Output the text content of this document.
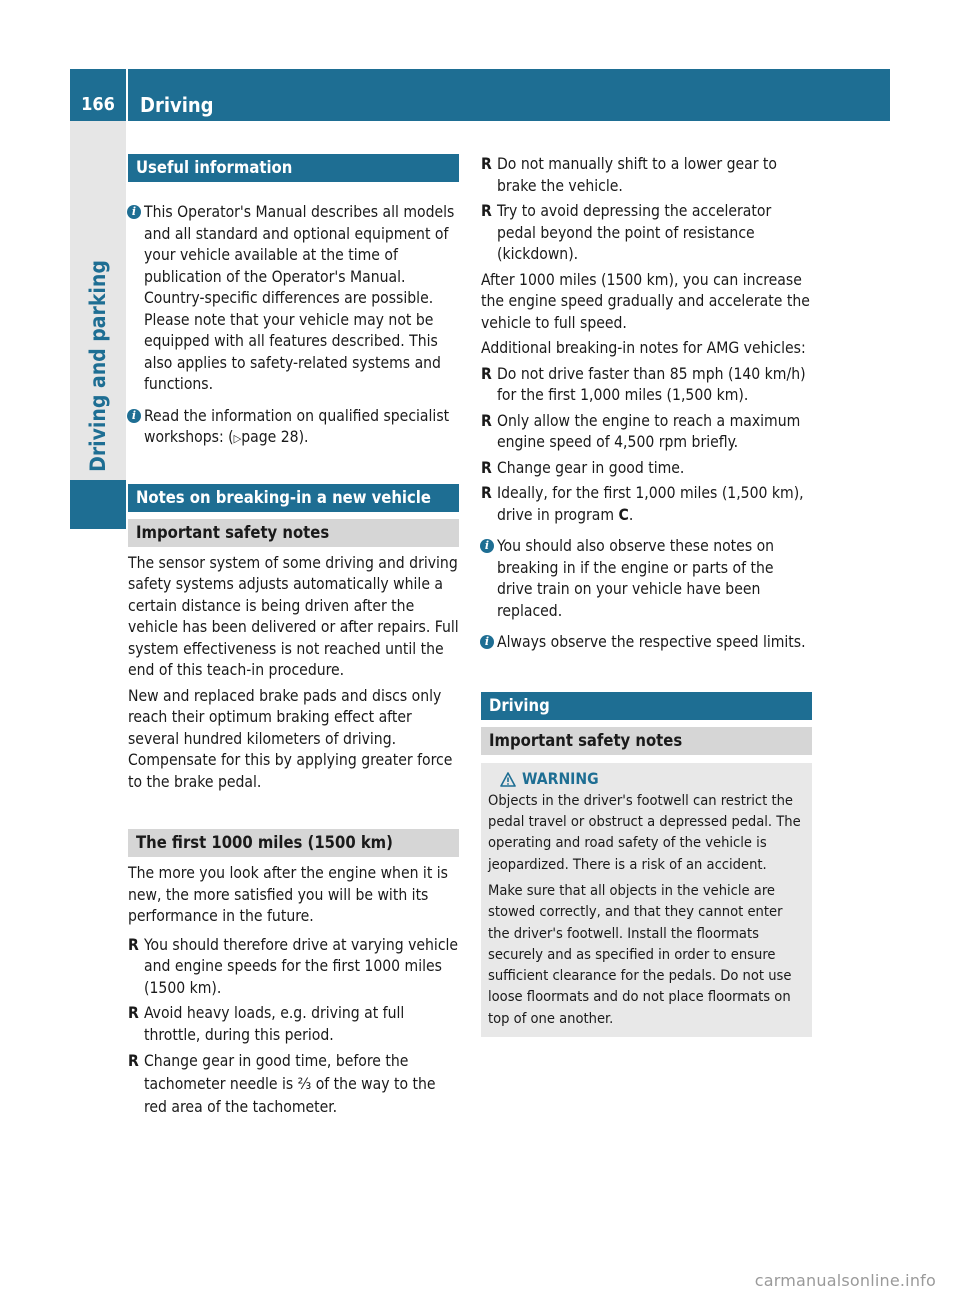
166	Driving
Driving and parking
Useful information
i This Operator's Manual describes all models and all standard and optional equipment of your vehicle available at the time of publication of the Operator's Manual. Country-specific differences are possible. Please note that your vehicle may not be equipped with all features described. This also applies to safety-related systems and functions.
i Read the information on qualified specialist workshops: (▷page 28).
Notes on breaking-in a new vehicle
Important safety notes

The sensor system of some driving and driving safety systems adjusts automatically while a certain distance is being driven after the vehicle has been delivered or after repairs. Full system effectiveness is not reached until the end of this teach-in procedure.

New and replaced brake pads and discs only reach their optimum braking effect after several hundred kilometers of driving. Compensate for this by applying greater force to the brake pedal.

The first 1000 miles (1500 km)

The more you look after the engine when it is new, the more satisfied you will be with its performance in the future.

R You should therefore drive at varying vehicle and engine speeds for the first 1000 miles (1500 km).
R Avoid heavy loads, e.g. driving at full throttle, during this period.
R Change gear in good time, before the tachometer needle is ⅔ of the way to the red area of the tachometer.
R Do not manually shift to a lower gear to brake the vehicle.
R Try to avoid depressing the accelerator pedal beyond the point of resistance (kickdown).

After 1000 miles (1500 km), you can increase the engine speed gradually and accelerate the vehicle to full speed.

Additional breaking-in notes for AMG vehicles:

R Do not drive faster than 85 mph (140 km/h) for the first 1,000 miles (1,500 km).
R Only allow the engine to reach a maximum engine speed of 4,500 rpm briefly.
R Change gear in good time.
R Ideally, for the first 1,000 miles (1,500 km), drive in program C.
i You should also observe these notes on breaking in if the engine or parts of the drive train on your vehicle have been replaced.
i Always observe the respective speed limits.
Driving
Important safety notes
WARNING

Objects in the driver's footwell can restrict the pedal travel or obstruct a depressed pedal. The operating and road safety of the vehicle is jeopardized. There is a risk of an accident.

Make sure that all objects in the vehicle are stowed correctly, and that they cannot enter the driver's footwell. Install the floormats securely and as specified in order to ensure sufficient clearance for the pedals. Do not use loose floormats and do not place floormats on top of one another.

carmanualsonline.info
